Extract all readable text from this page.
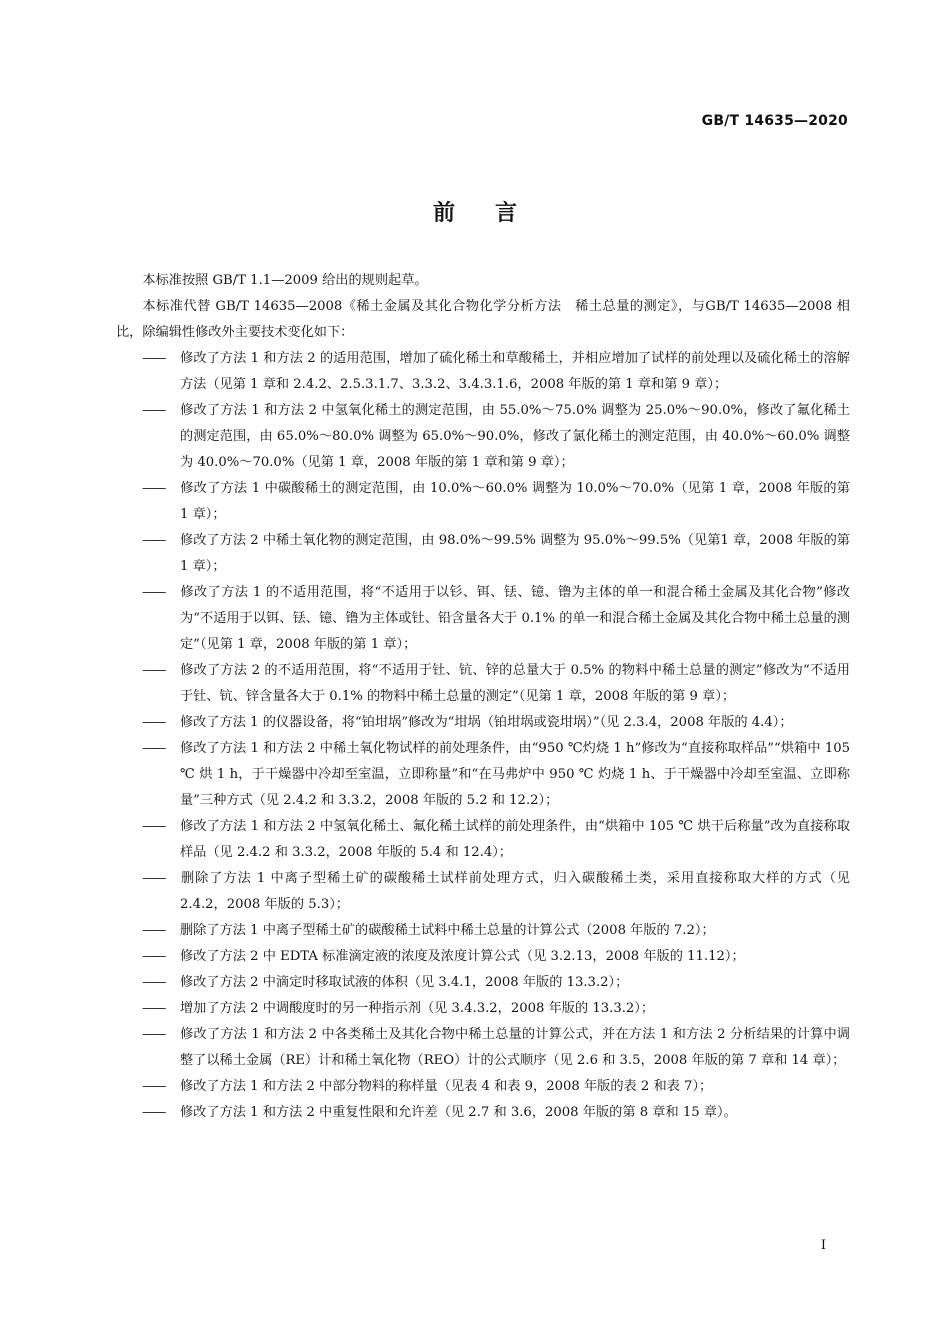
GB/T 14635—2020
前言

本标准按照 GB/T 1.1—2009 给出的规则起草。

本标准代替 GB/T 14635—2008《稀土金属及其化合物化学分析方法　稀土总量的测定》，与GB/T 14635—2008 相比，除编辑性修改外主要技术变化如下：

—— 修改了方法 1 和方法 2 的适用范围，增加了硫化稀土和草酸稀土，并相应增加了试样的前处理以及硫化稀土的溶解方法（见第 1 章和 2.4.2、2.5.3.1.7、3.3.2、3.4.3.1.6，2008 年版的第 1 章和第 9 章）；
—— 修改了方法 1 和方法 2 中氢氧化稀土的测定范围，由 55.0%～75.0% 调整为 25.0%～90.0%，修改了氟化稀土的测定范围，由 65.0%～80.0% 调整为 65.0%～90.0%，修改了氯化稀土的测定范围，由 40.0%～60.0% 调整为 40.0%～70.0%（见第 1 章，2008 年版的第 1 章和第 9 章）；
—— 修改了方法 1 中碳酸稀土的测定范围，由 10.0%～60.0% 调整为 10.0%～70.0%（见第 1 章，2008 年版的第 1 章）；
—— 修改了方法 2 中稀土氧化物的测定范围，由 98.0%～99.5% 调整为 95.0%～99.5%（见第1 章，2008 年版的第 1 章）；
—— 修改了方法 1 的不适用范围，将“不适用于以钐、铒、铥、镱、镥为主体的单一和混合稀土金属及其化合物”修改为“不适用于以铒、铥、镱、镥为主体或钍、铅含量各大于 0.1% 的单一和混合稀土金属及其化合物中稀土总量的测定”（见第 1 章，2008 年版的第 1 章）；
—— 修改了方法 2 的不适用范围，将“不适用于钍、钪、锌的总量大于 0.5% 的物料中稀土总量的测定”修改为“不适用于钍、钪、锌含量各大于 0.1% 的物料中稀土总量的测定”（见第 1 章，2008 年版的第 9 章）；
—— 修改了方法 1 的仪器设备，将“铂坩埚”修改为“坩埚（铂坩埚或瓷坩埚）”（见 2.3.4，2008 年版的 4.4）；
—— 修改了方法 1 和方法 2 中稀土氧化物试样的前处理条件，由“950 ℃灼烧 1 h”修改为“直接称取样品”“烘箱中 105 ℃ 烘 1 h，于干燥器中冷却至室温，立即称量”和“在马弗炉中 950 ℃ 灼烧 1 h、于干燥器中冷却至室温、立即称量”三种方式（见 2.4.2 和 3.3.2，2008 年版的 5.2 和 12.2）；
—— 修改了方法 1 和方法 2 中氢氧化稀土、氟化稀土试样的前处理条件，由“烘箱中 105 ℃ 烘干后称量”改为直接称取样品（见 2.4.2 和 3.3.2，2008 年版的 5.4 和 12.4）；
—— 删除了方法 1 中离子型稀土矿的碳酸稀土试样前处理方式，归入碳酸稀土类，采用直接称取大样的方式（见 2.4.2，2008 年版的 5.3）；
—— 删除了方法 1 中离子型稀土矿的碳酸稀土试料中稀土总量的计算公式（2008 年版的 7.2）；
—— 修改了方法 2 中 EDTA 标准滴定液的浓度及浓度计算公式（见 3.2.13，2008 年版的 11.12）；
—— 修改了方法 2 中滴定时移取试液的体积（见 3.4.1，2008 年版的 13.3.2）；
—— 增加了方法 2 中调酸度时的另一种指示剂（见 3.4.3.2，2008 年版的 13.3.2）；
—— 修改了方法 1 和方法 2 中各类稀土及其化合物中稀土总量的计算公式，并在方法 1 和方法 2 分析结果的计算中调整了以稀土金属（RE）计和稀土氧化物（REO）计的公式顺序（见 2.6 和 3.5，2008 年版的第 7 章和 14 章）；
—— 修改了方法 1 和方法 2 中部分物料的称样量（见表 4 和表 9，2008 年版的表 2 和表 7）；
—— 修改了方法 1 和方法 2 中重复性限和允许差（见 2.7 和 3.6，2008 年版的第 8 章和 15 章）。
I
